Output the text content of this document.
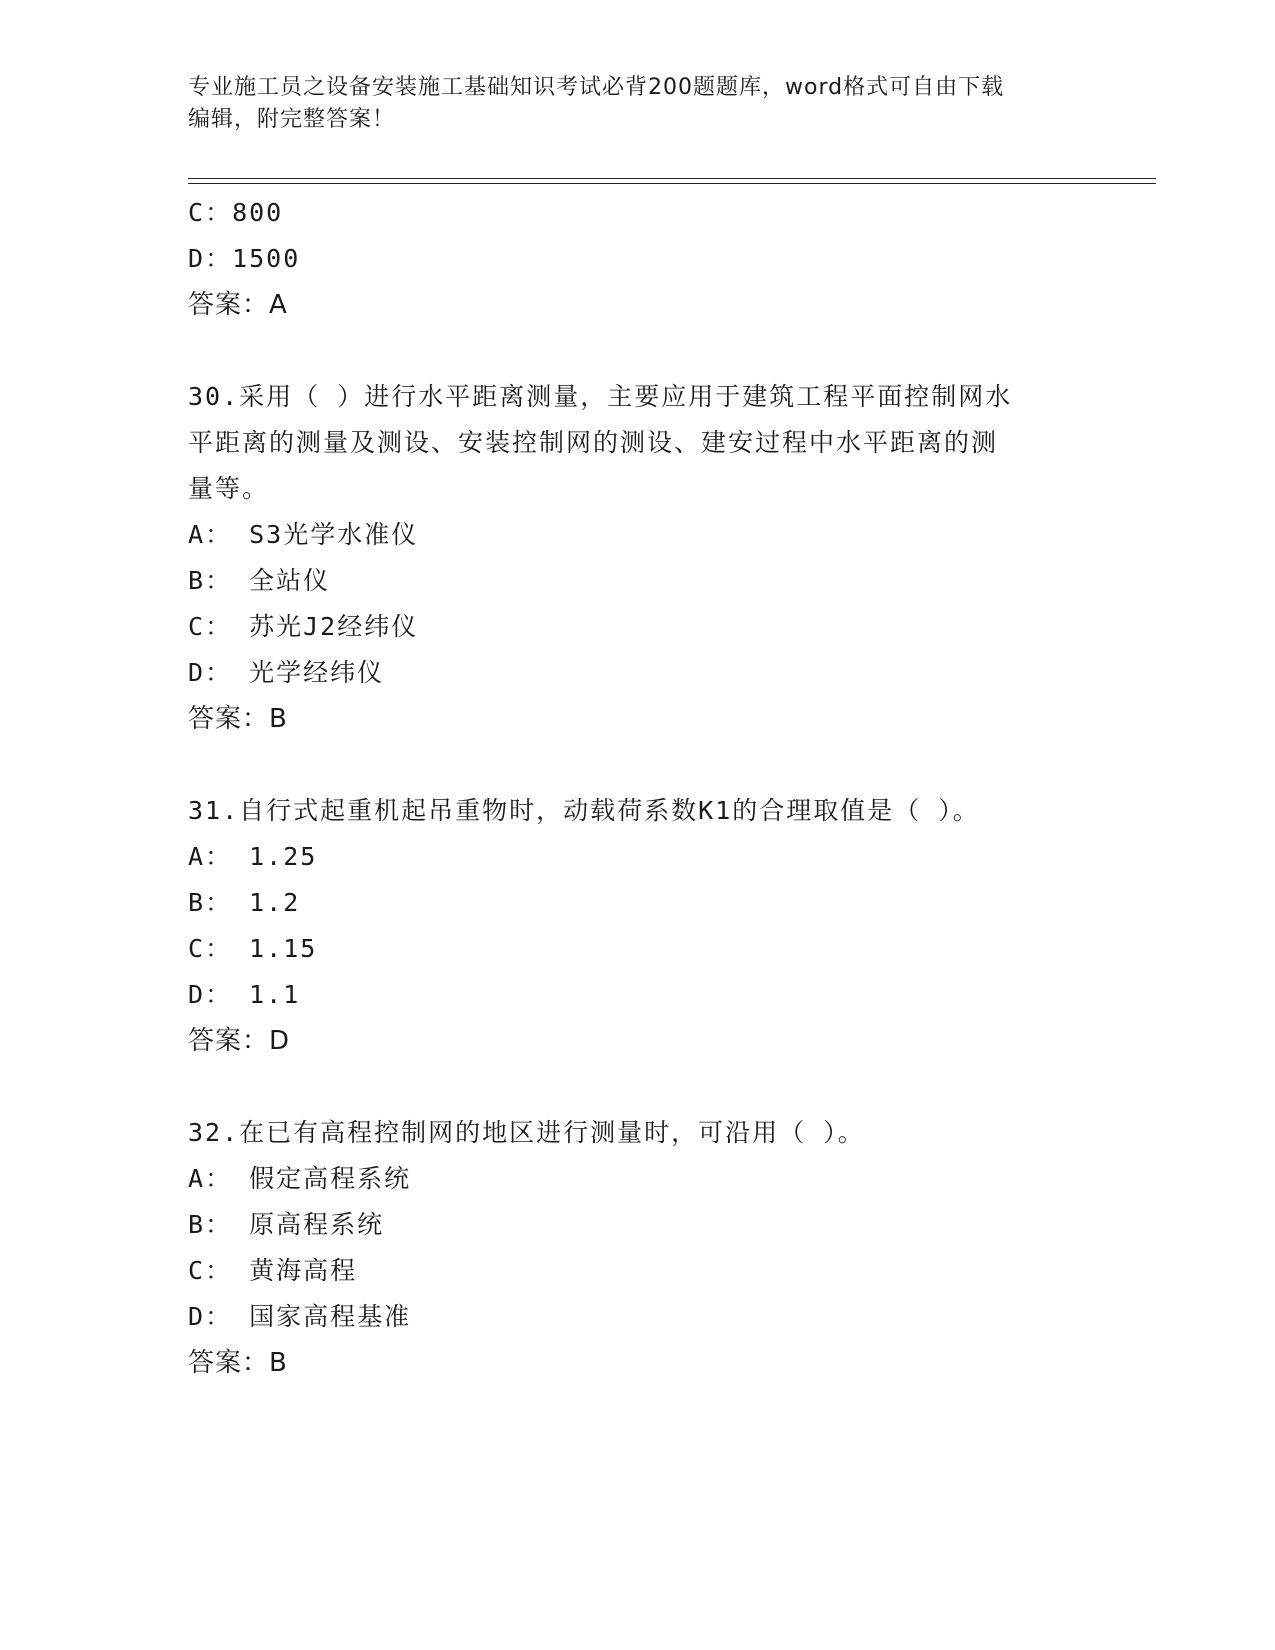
专业施工员之设备安装施工基础知识考试必背200题题库，word格式可自由下载
编辑，附完整答案！
C：800
D：1500
答案：A
30.采用（ ）进行水平距离测量，主要应用于建筑工程平面控制网水
平距离的测量及测设、安装控制网的测设、建安过程中水平距离的测
量等。
A： S3光学水准仪
B： 全站仪
C： 苏光J2经纬仪
D： 光学经纬仪
答案：B
31.自行式起重机起吊重物时，动载荷系数K1的合理取值是（ ）。
A： 1.25
B： 1.2
C： 1.15
D： 1.1
答案：D
32.在已有高程控制网的地区进行测量时，可沿用（ ）。
A： 假定高程系统
B： 原高程系统
C： 黄海高程
D： 国家高程基准
答案：B
